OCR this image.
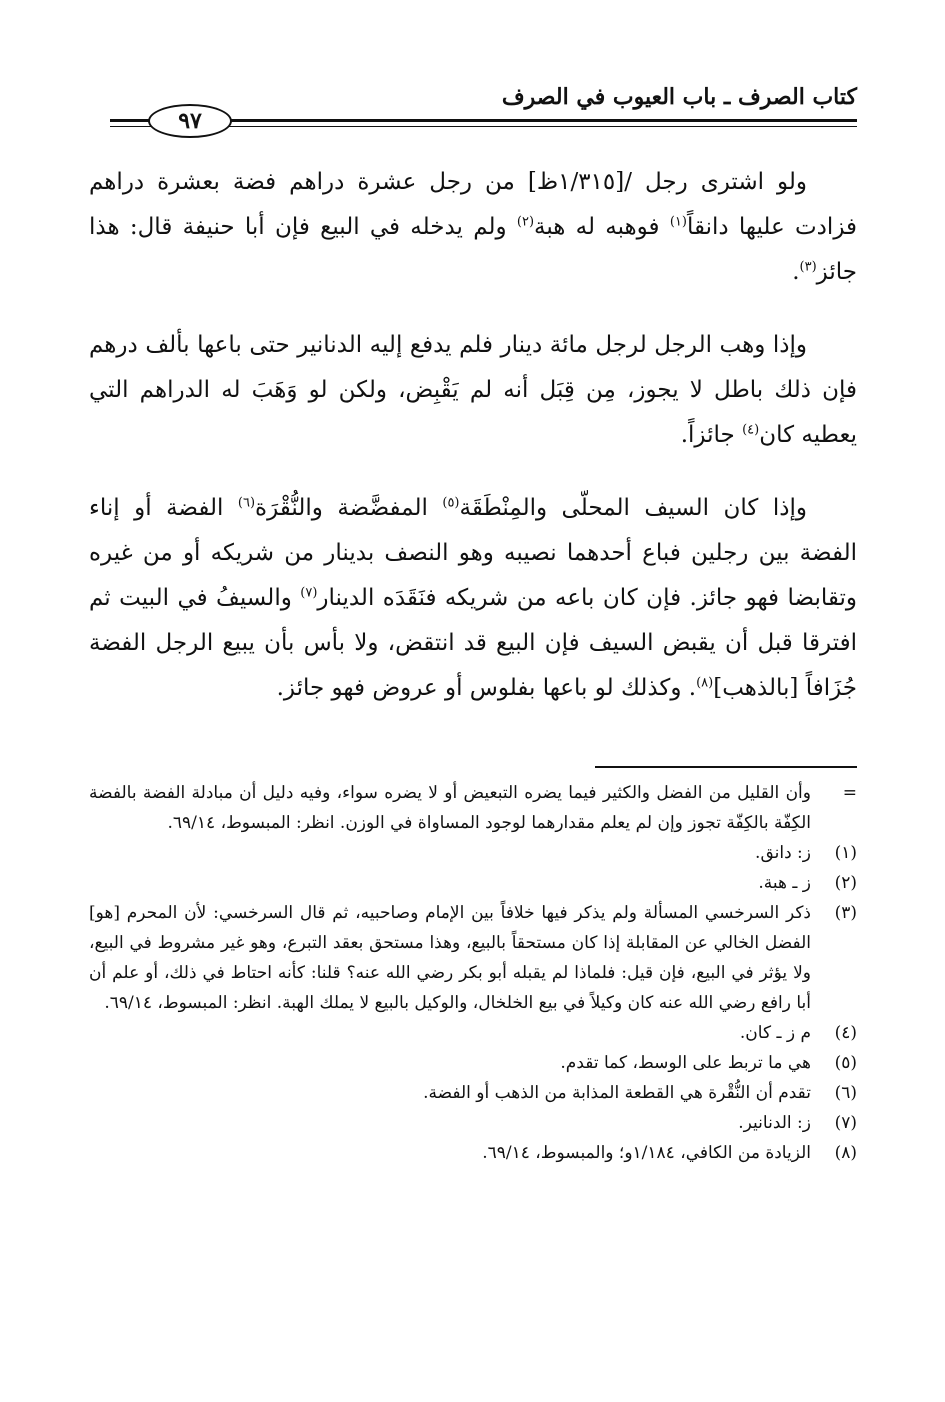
كتاب الصرف ـ باب العيوب في الصرف
٩٧

ولو اشترى رجل /[١/٣١٥ظ] من رجل عشرة دراهم فضة بعشرة دراهم فزادت عليها دانقاً$^{(١)}$ فوهبه له هبة$^{(٢)}$ ولم يدخله في البيع فإن أبا حنيفة قال: هذا جائز$^{(٣)}$.

وإذا وهب الرجل لرجل مائة دينار فلم يدفع إليه الدنانير حتى باعها بألف درهم فإن ذلك باطل لا يجوز، مِن قِبَل أنه لم يَقْبِض، ولكن لو وَهَبَ له الدراهم التي يعطيه كان$^{(٤)}$ جائزاً.

وإذا كان السيف المحلّى والمِنْطَقَة$^{(٥)}$ المفضَّضة والنُّقْرَة$^{(٦)}$ الفضة أو إناء الفضة بين رجلين فباع أحدهما نصيبه وهو النصف بدينار من شريكه أو من غيره وتقابضا فهو جائز. فإن كان باعه من شريكه فنَقَدَه الدينار$^{(٧)}$ والسيفُ في البيت ثم افترقا قبل أن يقبض السيف فإن البيع قد انتقض، ولا بأس بأن يبيع الرجل الفضة جُزَافاً [بالذهب]$^{(٨)}$. وكذلك لو باعها بفلوس أو عروض فهو جائز.

=
وأن القليل من الفضل والكثير فيما يضره التبعيض أو لا يضره سواء، وفيه دليل أن مبادلة الفضة بالفضة الكِفّة بالكِفّة تجوز وإن لم يعلم مقدارهما لوجود المساواة في الوزن. انظر: المبسوط، ٦٩/١٤.
(١)
ز: دانق.
(٢)
ز ـ هبة.
(٣)
ذكر السرخسي المسألة ولم يذكر فيها خلافاً بين الإمام وصاحبيه، ثم قال السرخسي: لأن المحرم [هو] الفضل الخالي عن المقابلة إذا كان مستحقاً بالبيع، وهذا مستحق بعقد التبرع، وهو غير مشروط في البيع، ولا يؤثر في البيع، فإن قيل: فلماذا لم يقبله أبو بكر رضي الله عنه؟ قلنا: كأنه احتاط في ذلك، أو علم أن أبا رافع رضي الله عنه كان وكيلاً في بيع الخلخال، والوكيل بالبيع لا يملك الهبة. انظر: المبسوط، ٦٩/١٤.
(٤)
م ز ـ كان.
(٥)
هي ما تربط على الوسط، كما تقدم.
(٦)
تقدم أن النُّقْرة هي القطعة المذابة من الذهب أو الفضة.
(٧)
ز: الدنانير.
(٨)
الزيادة من الكافي، ١/١٨٤و؛ والمبسوط، ٦٩/١٤.
